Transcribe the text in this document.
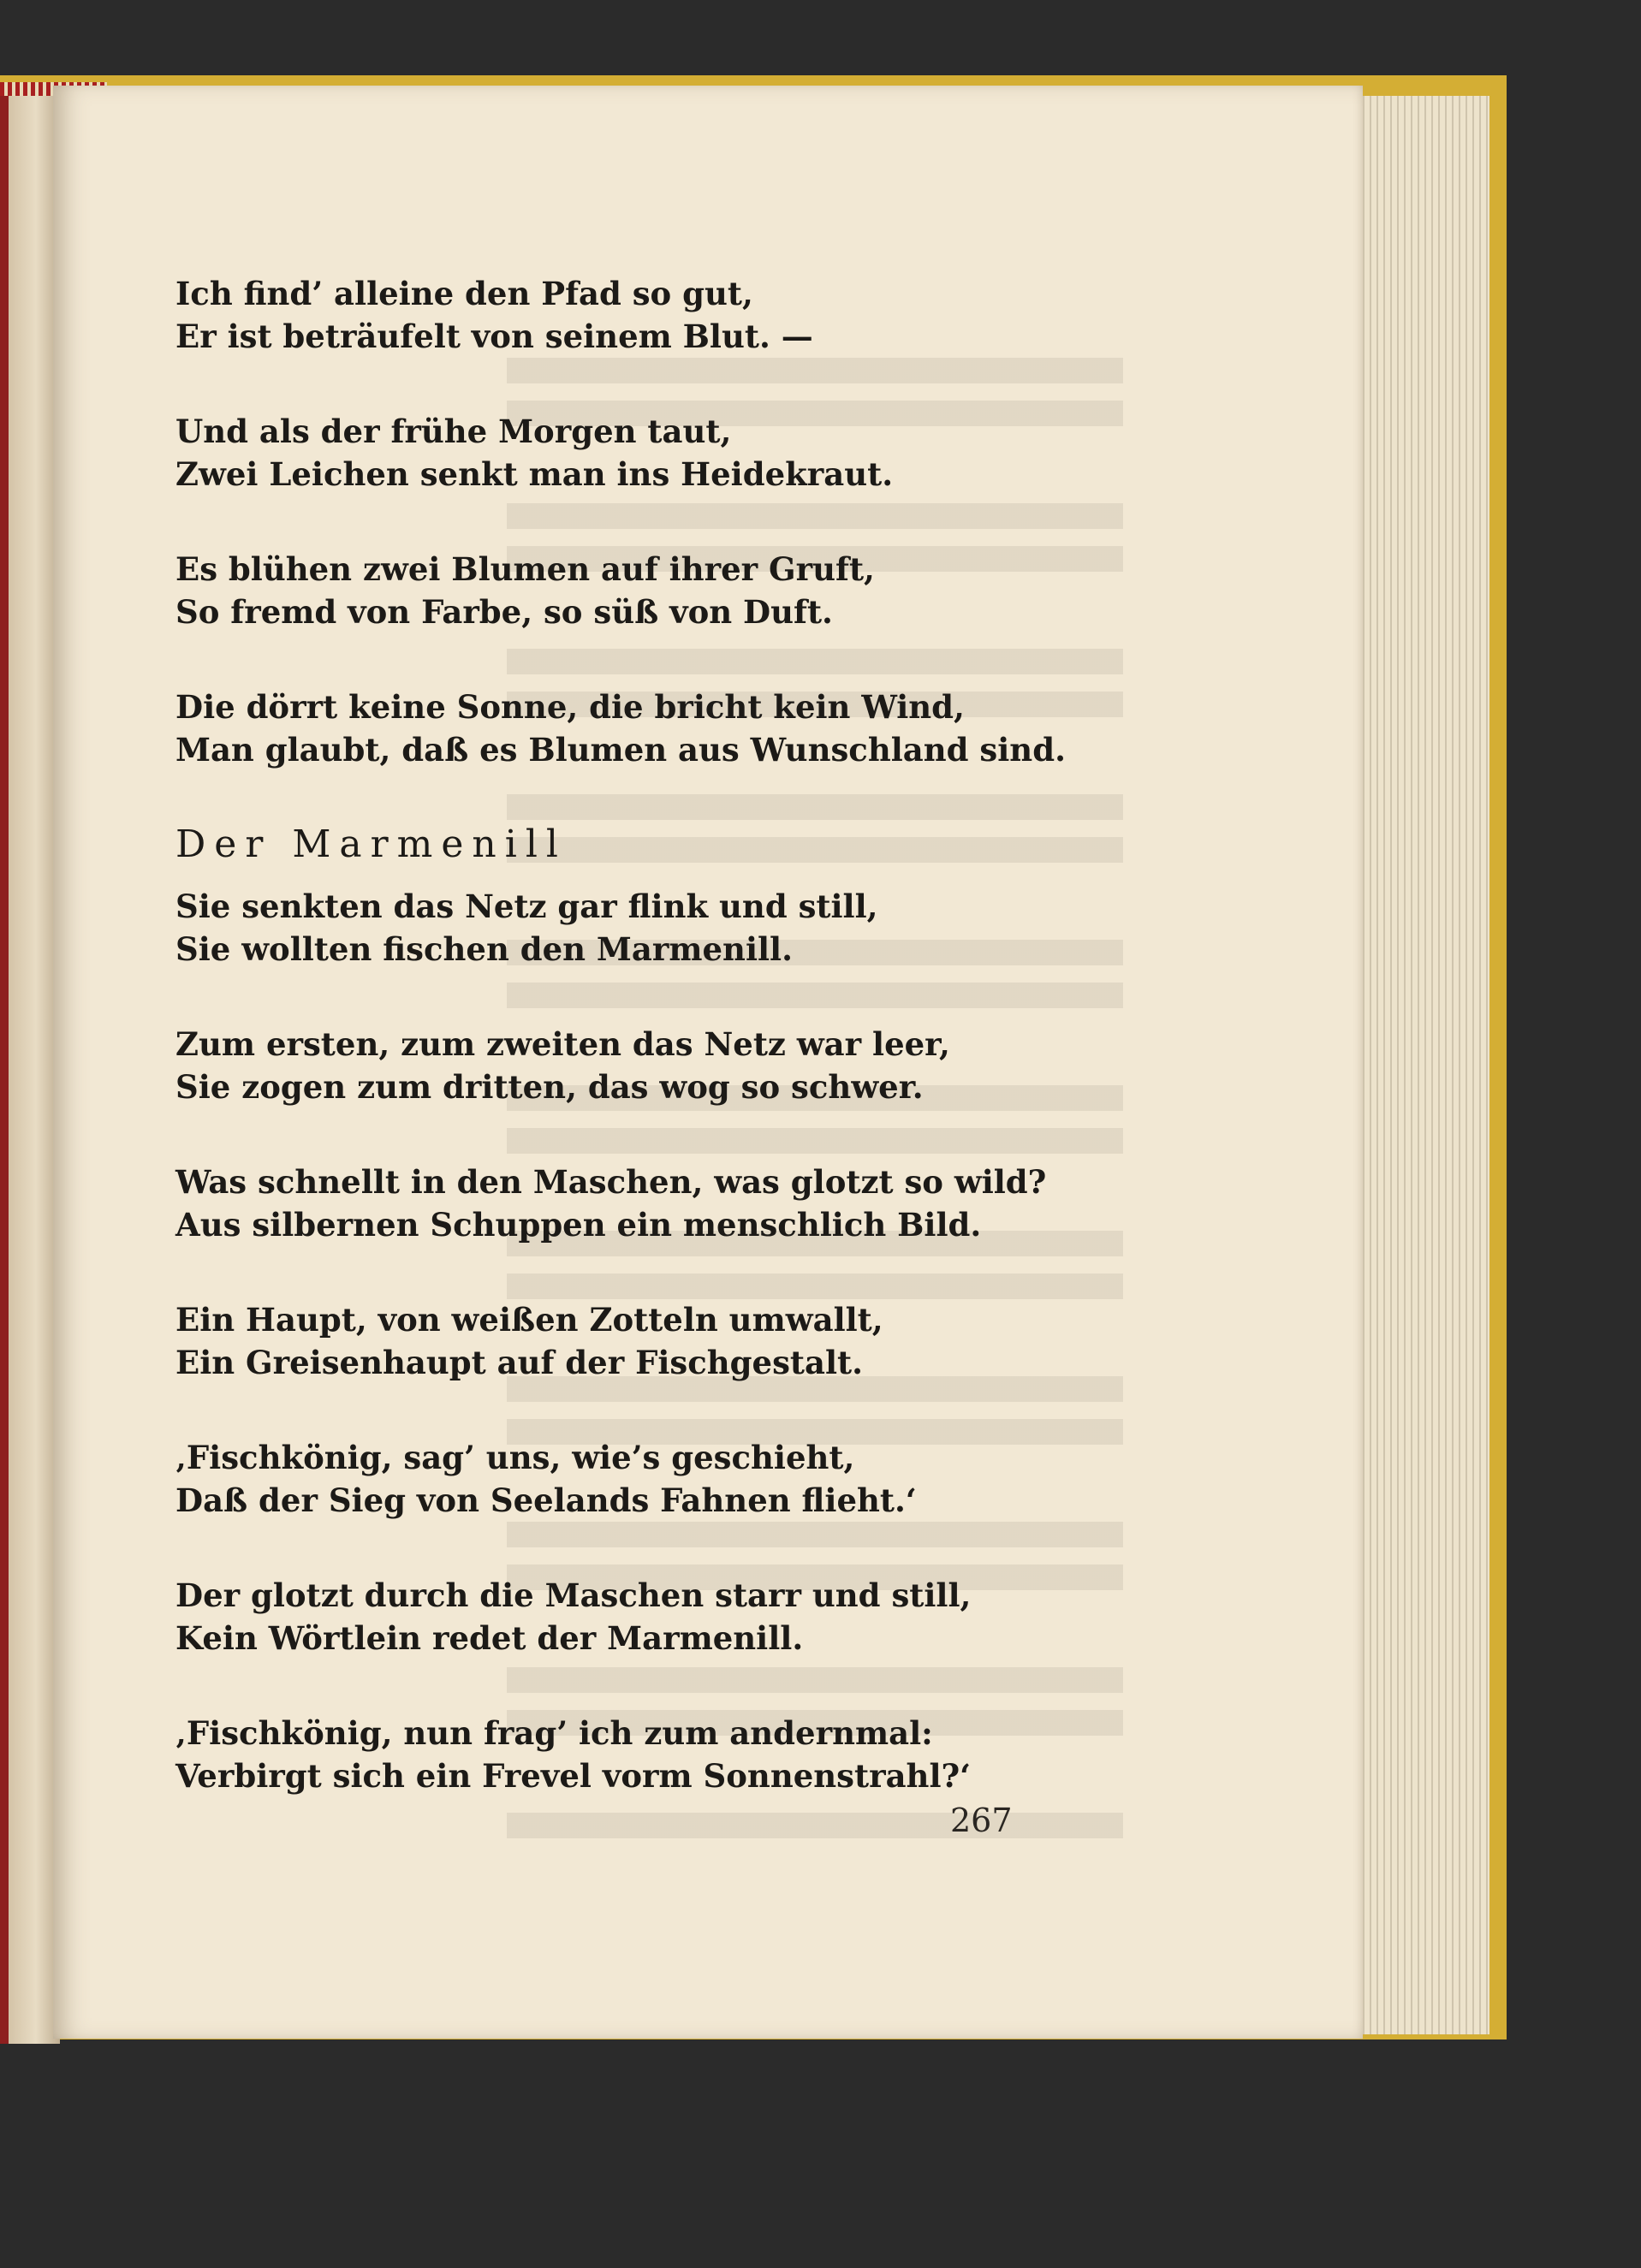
Ich find’ alleine den Pfad so gut,
Er ist beträufelt von seinem Blut. —
Und als der frühe Morgen taut,
Zwei Leichen senkt man ins Heidekraut.
Es blühen zwei Blumen auf ihrer Gruft,
So fremd von Farbe, so süß von Duft.
Die dörrt keine Sonne, die bricht kein Wind,
Man glaubt, daß es Blumen aus Wunschland sind.
Der Marmenill
Sie senkten das Netz gar flink und still,
Sie wollten fischen den Marmenill.
Zum ersten, zum zweiten das Netz war leer,
Sie zogen zum dritten, das wog so schwer.
Was schnellt in den Maschen, was glotzt so wild?
Aus silbernen Schuppen ein menschlich Bild.
Ein Haupt, von weißen Zotteln umwallt,
Ein Greisenhaupt auf der Fischgestalt.
‚Fischkönig, sag’ uns, wie’s geschieht,
Daß der Sieg von Seelands Fahnen flieht.‘
Der glotzt durch die Maschen starr und still,
Kein Wörtlein redet der Marmenill.
‚Fischkönig, nun frag’ ich zum andernmal:
Verbirgt sich ein Frevel vorm Sonnenstrahl?‘
267
